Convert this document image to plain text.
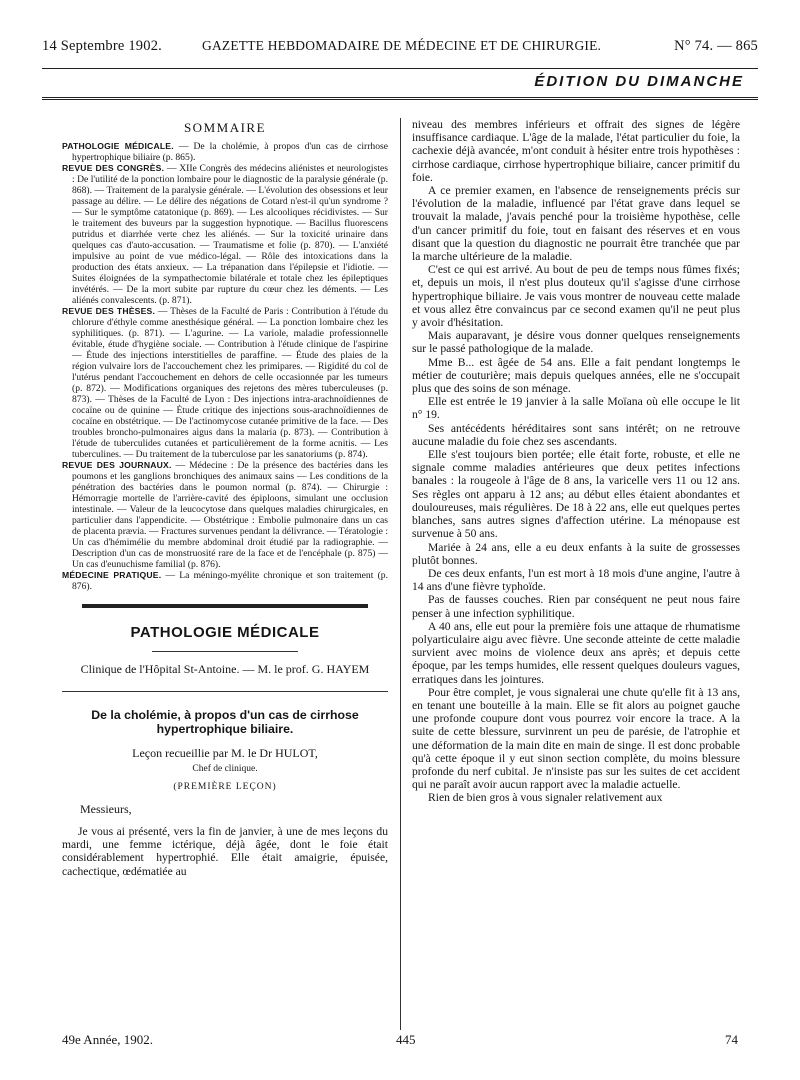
14 Septembre 1902.	GAZETTE HEBDOMADAIRE DE MÉDECINE ET DE CHIRURGIE.	N° 74. — 865
ÉDITION DU DIMANCHE
SOMMAIRE

PATHOLOGIE MÉDICALE. — De la cholémie, à propos d'un cas de cirrhose hypertrophique biliaire (p. 865).

REVUE DES CONGRÈS. — XIIe Congrès des médecins aliénistes et neurologistes : De l'utilité de la ponction lombaire pour le diagnostic de la paralysie générale (p. 868). — Traitement de la paralysie générale. — L'évolution des obsessions et leur passage au délire. — Le délire des négations de Cotard n'est-il qu'un syndrome ? — Sur le symptôme catatonique (p. 869). — Les alcooliques récidivistes. — Sur le traitement des buveurs par la suggestion hypnotique. — Bacillus fluorescens putridus et diarrhée verte chez les aliénés. — Sur la toxicité urinaire dans quelques cas d'auto-accusation. — Traumatisme et folie (p. 870). — L'anxiété impulsive au point de vue médico-légal. — Rôle des intoxications dans la production des états anxieux. — La trépanation dans l'épilepsie et l'idiotie. — Suites éloignées de la sympathectomie bilatérale et totale chez les épileptiques invétérés. — De la mort subite par rupture du cœur chez les déments. — Les aliénés convalescents. (p. 871).

REVUE DES THÈSES. — Thèses de la Faculté de Paris : Contribution à l'étude du chlorure d'éthyle comme anesthésique général. — La ponction lombaire chez les syphilitiques. (p. 871). — L'agurine. — La variole, maladie professionnelle évitable, étude d'hygiène sociale. — Contribution à l'étude clinique de l'aspirine — Étude des injections interstitielles de paraffine. — Étude des plaies de la région vulvaire lors de l'accouchement chez les primipares. — Rigidité du col de l'utérus pendant l'accouchement en dehors de celle occasionnée par les tumeurs (p. 872). — Modifications organiques des rejetons des mères tuberculeuses (p. 873). — Thèses de la Faculté de Lyon : Des injections intra-arachnoïdiennes de cocaïne ou de quinine — Étude critique des injections sous-arachnoïdiennes de cocaïne en obstétrique. — De l'actinomycose cutanée primitive de la face. — Des troubles broncho-pulmonaires aigus dans la malaria (p. 873). — Contribution à l'étude de tuberculides cutanées et particulièrement de la forme acnitis. — Les tuberculines. — Du traitement de la tuberculose par les sanatoriums (p. 874).

REVUE DES JOURNAUX. — Médecine : De la présence des bactéries dans les poumons et les ganglions bronchiques des animaux sains — Les conditions de la pénétration des bactéries dans le poumon normal (p. 874). — Chirurgie : Hémorragie mortelle de l'arrière-cavité des épiploons, simulant une occlusion intestinale. — Valeur de la leucocytose dans quelques maladies chirurgicales, en particulier dans l'appendicite. — Obstétrique : Embolie pulmonaire dans un cas de placenta prævia. — Fractures survenues pendant la délivrance. — Tératologie : Un cas d'hémimélie du membre abdominal droit étudié par la radiographie. — Description d'un cas de monstruosité rare de la face et de l'encéphale (p. 875) — Un cas d'eunuchisme familial (p. 876).

MÉDECINE PRATIQUE. — La méningo-myélite chronique et son traitement (p. 876).

PATHOLOGIE MÉDICALE
Clinique de l'Hôpital St-Antoine. — M. le prof. G. HAYEM
De la cholémie, à propos d'un cas de cirrhose hypertrophique biliaire.
Leçon recueillie par M. le Dr HULOT,
Chef de clinique.
(PREMIÈRE LEÇON)
Messieurs,

Je vous ai présenté, vers la fin de janvier, à une de mes leçons du mardi, une femme ictérique, déjà âgée, dont le foie était considérablement hypertrophié. Elle était amaigrie, épuisée, cachectique, œdématiée au

niveau des membres inférieurs et offrait des signes de légère insuffisance cardiaque. L'âge de la malade, l'état particulier du foie, la cachexie déjà avancée, m'ont conduit à hésiter entre trois hypothèses : cirrhose cardiaque, cirrhose hypertrophique biliaire, cancer primitif du foie.

A ce premier examen, en l'absence de renseignements précis sur l'évolution de la maladie, influencé par l'état grave dans lequel se trouvait la malade, j'avais penché pour la troisième hypothèse, celle d'un cancer primitif du foie, tout en faisant des réserves et en vous disant que la question du diagnostic ne pourrait être tranchée que par la marche ultérieure de la maladie.

C'est ce qui est arrivé. Au bout de peu de temps nous fûmes fixés; et, depuis un mois, il n'est plus douteux qu'il s'agisse d'une cirrhose hypertrophique biliaire. Je vais vous montrer de nouveau cette malade et vous allez être convaincus par ce second examen qu'il ne peut plus y avoir d'hésitation.

Mais auparavant, je désire vous donner quelques renseignements sur le passé pathologique de la malade.

Mme B... est âgée de 54 ans. Elle a fait pendant longtemps le métier de couturière; mais depuis quelques années, elle ne s'occupait plus que des soins de son ménage.

Elle est entrée le 19 janvier à la salle Moïana où elle occupe le lit n° 19.

Ses antécédents héréditaires sont sans intérêt; on ne retrouve aucune maladie du foie chez ses ascendants.

Elle s'est toujours bien portée; elle était forte, robuste, et elle ne signale comme maladies antérieures que deux petites infections banales : la rougeole à l'âge de 8 ans, la varicelle vers 11 ou 12 ans. Ses règles ont apparu à 12 ans; au début elles étaient abondantes et douloureuses, mais régulières. De 18 à 22 ans, elle eut quelques pertes blanches, sans autres signes d'affection utérine. La ménopause est survenue à 50 ans.

Mariée à 24 ans, elle a eu deux enfants à la suite de grossesses plutôt bonnes.

De ces deux enfants, l'un est mort à 18 mois d'une angine, l'autre à 14 ans d'une fièvre typhoïde.

Pas de fausses couches. Rien par conséquent ne peut nous faire penser à une infection syphilitique.

A 40 ans, elle eut pour la première fois une attaque de rhumatisme polyarticulaire aigu avec fièvre. Une seconde atteinte de cette maladie survient avec moins de violence deux ans après; et depuis cette époque, par les temps humides, elle ressent quelques douleurs vagues, erratiques dans les jointures.

Pour être complet, je vous signalerai une chute qu'elle fit à 13 ans, en tenant une bouteille à la main. Elle se fit alors au poignet gauche une profonde coupure dont vous pourrez voir encore la trace. A la suite de cette blessure, survinrent un peu de parésie, de l'atrophie et une déformation de la main dite en main de singe. Il est donc probable qu'à cette époque il y eut sinon section complète, du moins blessure profonde du nerf cubital. Je n'insiste pas sur les suites de cet accident qui ne paraît avoir aucun rapport avec la maladie actuelle.

Rien de bien gros à vous signaler relativement aux

49e Année, 1902.	445	74
